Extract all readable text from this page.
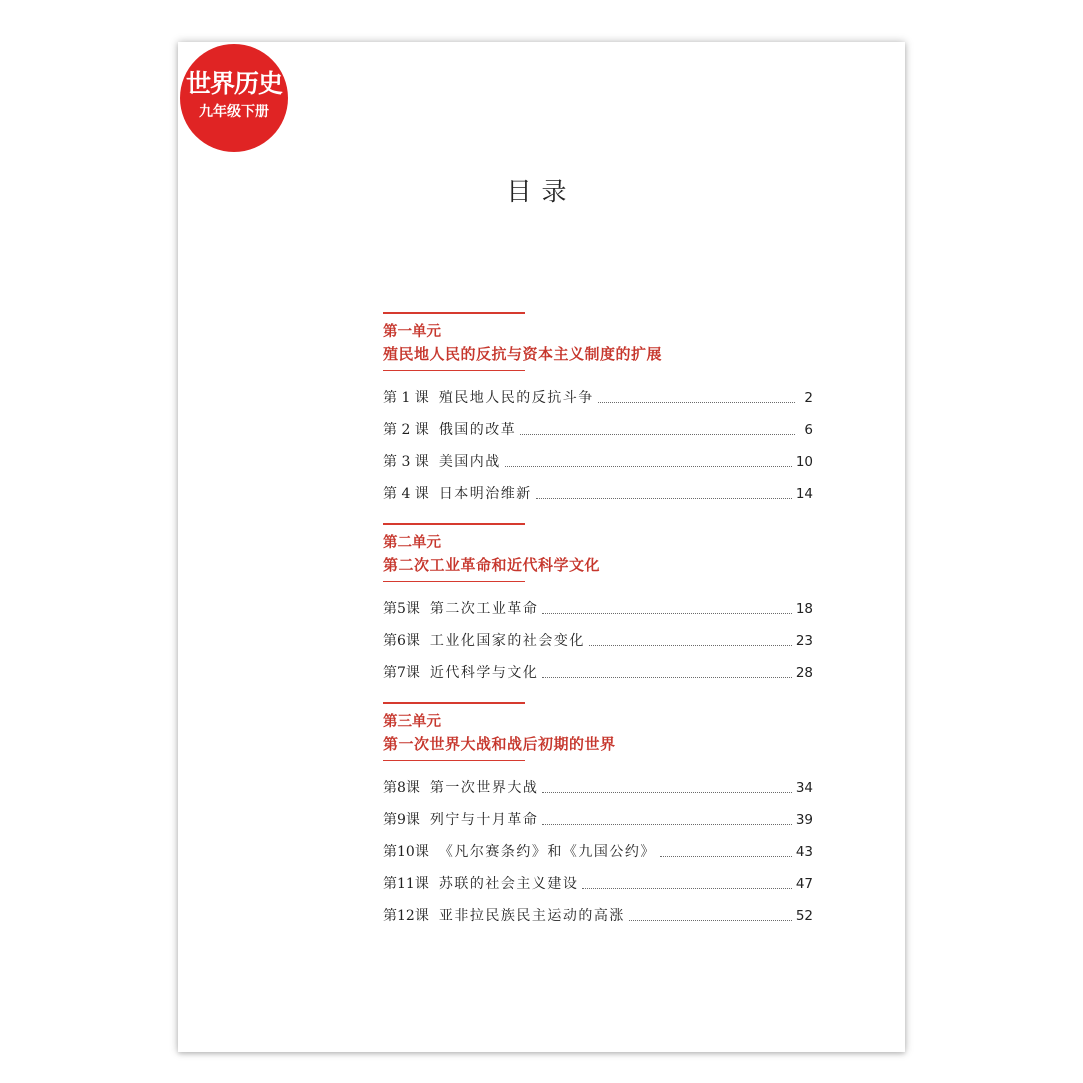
世界历史
九年级下册
目录
第一单元
殖民地人民的反抗与资本主义制度的扩展
第 1 课 殖民地人民的反抗斗争	2
第 2 课 俄国的改革	6
第 3 课 美国内战	10
第 4 课 日本明治维新	14
第二单元
第二次工业革命和近代科学文化
第5课 第二次工业革命	18
第6课 工业化国家的社会变化	23
第7课 近代科学与文化	28
第三单元
第一次世界大战和战后初期的世界
第8课 第一次世界大战	34
第9课 列宁与十月革命	39
第10课 《凡尔赛条约》和《九国公约》	43
第11课 苏联的社会主义建设	47
第12课 亚非拉民族民主运动的高涨	52
